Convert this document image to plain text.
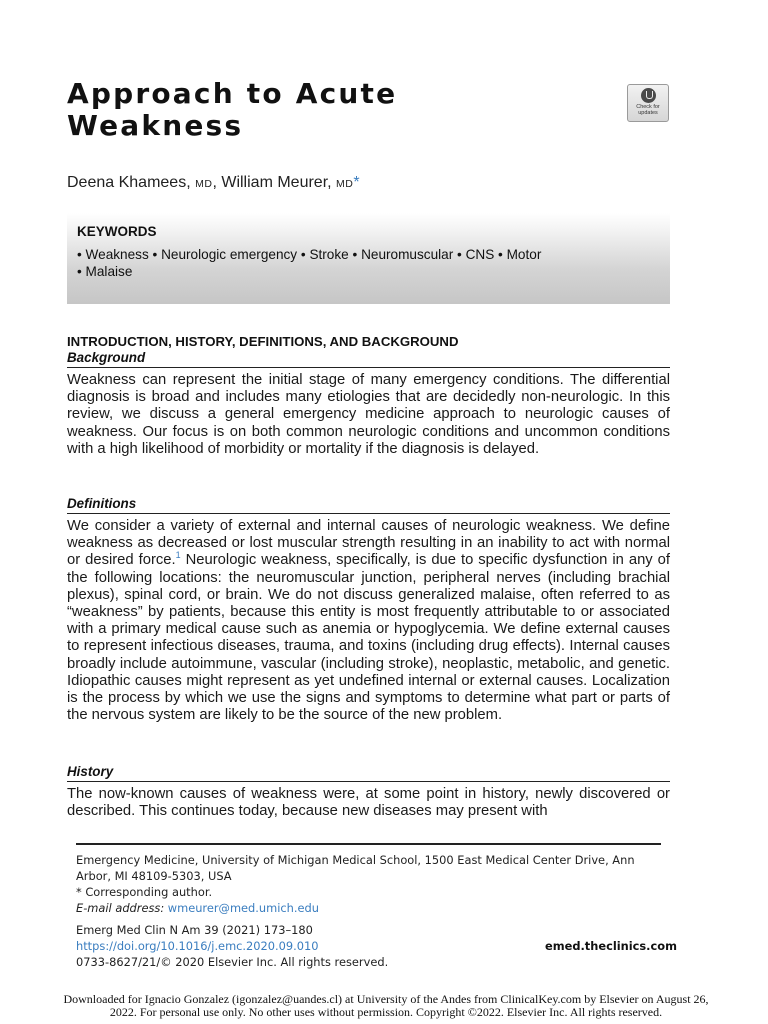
Approach to Acute
Weakness
Check for updates

Deena Khamees, MD, William Meurer, MD*

KEYWORDS

• Weakness • Neurologic emergency • Stroke • Neuromuscular • CNS • Motor
• Malaise

INTRODUCTION, HISTORY, DEFINITIONS, AND BACKGROUND

Background

Weakness can represent the initial stage of many emergency conditions. The differential diagnosis is broad and includes many etiologies that are decidedly non-neurologic. In this review, we discuss a general emergency medicine approach to neurologic causes of weakness. Our focus is on both common neurologic conditions and uncommon conditions with a high likelihood of morbidity or mortality if the diagnosis is delayed.

Definitions

We consider a variety of external and internal causes of neurologic weakness. We define weakness as decreased or lost muscular strength resulting in an inability to act with normal or desired force.$^1$ Neurologic weakness, specifically, is due to specific dysfunction in any of the following locations: the neuromuscular junction, peripheral nerves (including brachial plexus), spinal cord, or brain. We do not discuss generalized malaise, often referred to as “weakness” by patients, because this entity is most frequently attributable to or associated with a primary medical cause such as anemia or hypoglycemia. We define external causes to represent infectious diseases, trauma, and toxins (including drug effects). Internal causes broadly include autoimmune, vascular (including stroke), neoplastic, metabolic, and genetic. Idiopathic causes might represent as yet undefined internal or external causes. Localization is the process by which we use the signs and symptoms to determine what part or parts of the nervous system are likely to be the source of the new problem.

History

The now-known causes of weakness were, at some point in history, newly discovered or described. This continues today, because new diseases may present with

Emergency Medicine, University of Michigan Medical School, 1500 East Medical Center Drive, Ann Arbor, MI 48109-5303, USA
* Corresponding author.
E-mail address: wmeurer@med.umich.edu

Emerg Med Clin N Am 39 (2021) 173–180
https://doi.org/10.1016/j.emc.2020.09.010
0733-8627/21/© 2020 Elsevier Inc. All rights reserved.

emed.theclinics.com

Downloaded for Ignacio Gonzalez (igonzalez@uandes.cl) at University of the Andes from ClinicalKey.com by Elsevier on August 26, 2022. For personal use only. No other uses without permission. Copyright ©2022. Elsevier Inc. All rights reserved.
